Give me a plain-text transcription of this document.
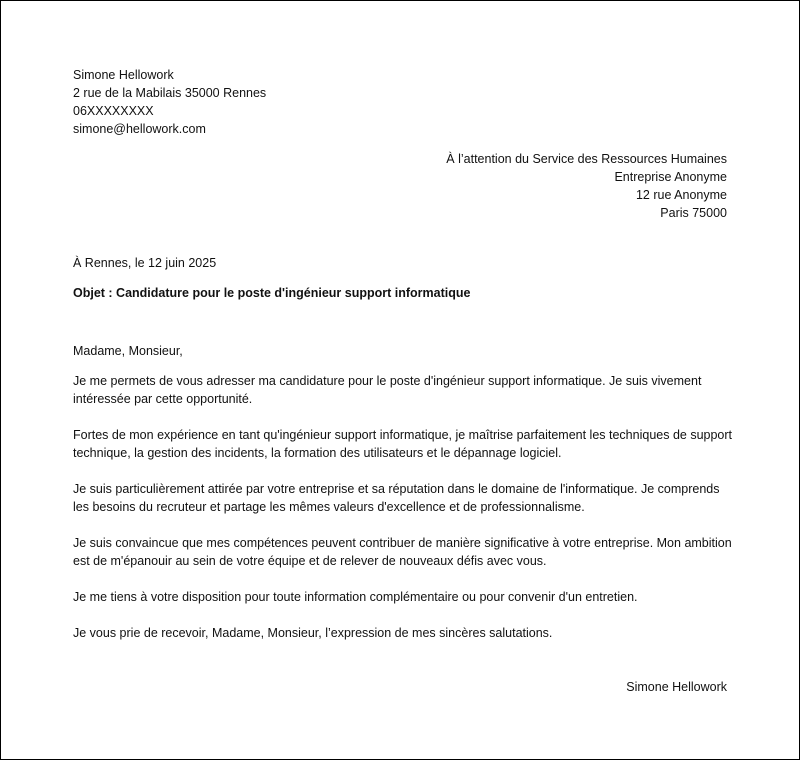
Simone Hellowork

2 rue de la Mabilais 35000 Rennes

06XXXXXXXX

simone@hellowork.com

À l’attention du Service des Ressources Humaines

Entreprise Anonyme

12 rue Anonyme

Paris 75000

À Rennes, le 12 juin 2025

Objet : Candidature pour le poste d'ingénieur support informatique

Madame, Monsieur,

Je me permets de vous adresser ma candidature pour le poste d'ingénieur support informatique. Je suis vivement intéressée par cette opportunité.

Fortes de mon expérience en tant qu'ingénieur support informatique, je maîtrise parfaitement les techniques de support technique, la gestion des incidents, la formation des utilisateurs et le dépannage logiciel.

Je suis particulièrement attirée par votre entreprise et sa réputation dans le domaine de l'informatique. Je comprends les besoins du recruteur et partage les mêmes valeurs d'excellence et de professionnalisme.

Je suis convaincue que mes compétences peuvent contribuer de manière significative à votre entreprise. Mon ambition est de m'épanouir au sein de votre équipe et de relever de nouveaux défis avec vous.

Je me tiens à votre disposition pour toute information complémentaire ou pour convenir d'un entretien.

Je vous prie de recevoir, Madame, Monsieur, l’expression de mes sincères salutations.

Simone Hellowork
